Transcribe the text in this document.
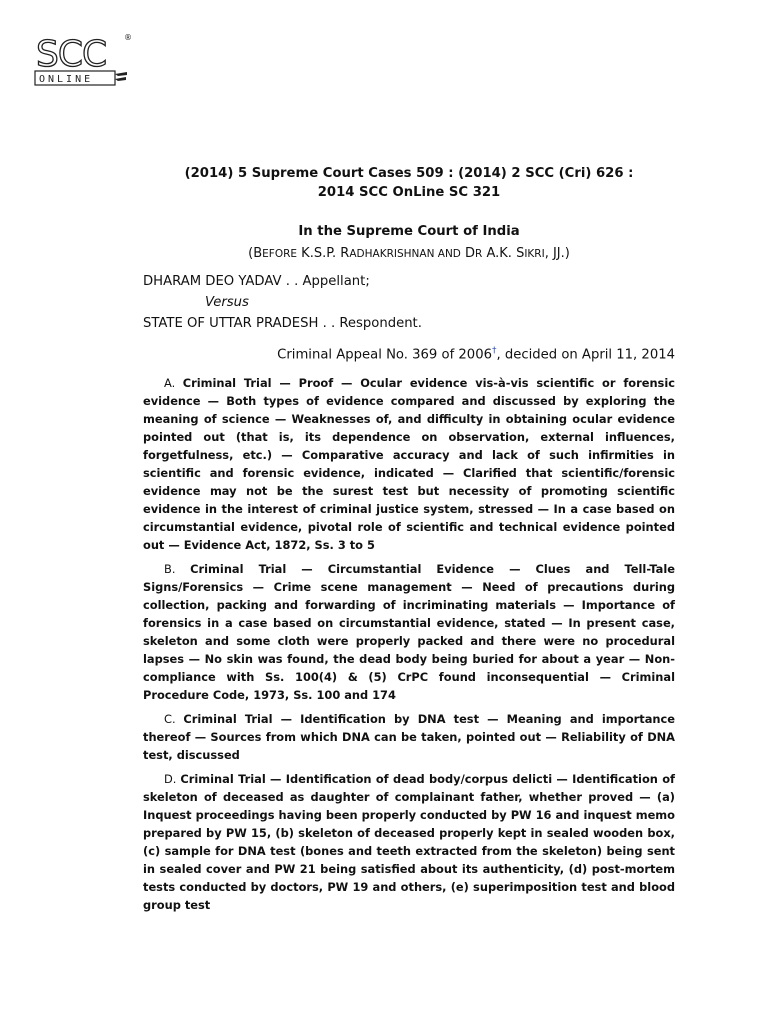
SCC ®
ONLINE
(2014) 5 Supreme Court Cases 509 : (2014) 2 SCC (Cri) 626 :
2014 SCC OnLine SC 321
In the Supreme Court of India
(BEFORE K.S.P. RADHAKRISHNAN AND DR A.K. SIKRI, JJ.)
DHARAM DEO YADAV . . Appellant;
Versus
STATE OF UTTAR PRADESH . . Respondent.
Criminal Appeal No. 369 of 2006†, decided on April 11, 2014

A. Criminal Trial — Proof — Ocular evidence vis-à-vis scientific or forensic evidence — Both types of evidence compared and discussed by exploring the meaning of science — Weaknesses of, and difficulty in obtaining ocular evidence pointed out (that is, its dependence on observation, external influences, forgetfulness, etc.) — Comparative accuracy and lack of such infirmities in scientific and forensic evidence, indicated — Clarified that scientific/forensic evidence may not be the surest test but necessity of promoting scientific evidence in the interest of criminal justice system, stressed — In a case based on circumstantial evidence, pivotal role of scientific and technical evidence pointed out — Evidence Act, 1872, Ss. 3 to 5

B. Criminal Trial — Circumstantial Evidence — Clues and Tell-Tale Signs/Forensics — Crime scene management — Need of precautions during collection, packing and forwarding of incriminating materials — Importance of forensics in a case based on circumstantial evidence, stated — In present case, skeleton and some cloth were properly packed and there were no procedural lapses — No skin was found, the dead body being buried for about a year — Non-compliance with Ss. 100(4) & (5) CrPC found inconsequential — Criminal Procedure Code, 1973, Ss. 100 and 174

C. Criminal Trial — Identification by DNA test — Meaning and importance thereof — Sources from which DNA can be taken, pointed out — Reliability of DNA test, discussed

D. Criminal Trial — Identification of dead body/corpus delicti — Identification of skeleton of deceased as daughter of complainant father, whether proved — (a) Inquest proceedings having been properly conducted by PW 16 and inquest memo prepared by PW 15, (b) skeleton of deceased properly kept in sealed wooden box, (c) sample for DNA test (bones and teeth extracted from the skeleton) being sent in sealed cover and PW 21 being satisfied about its authenticity, (d) post-mortem tests conducted by doctors, PW 19 and others, (e) superimposition test and blood group test
